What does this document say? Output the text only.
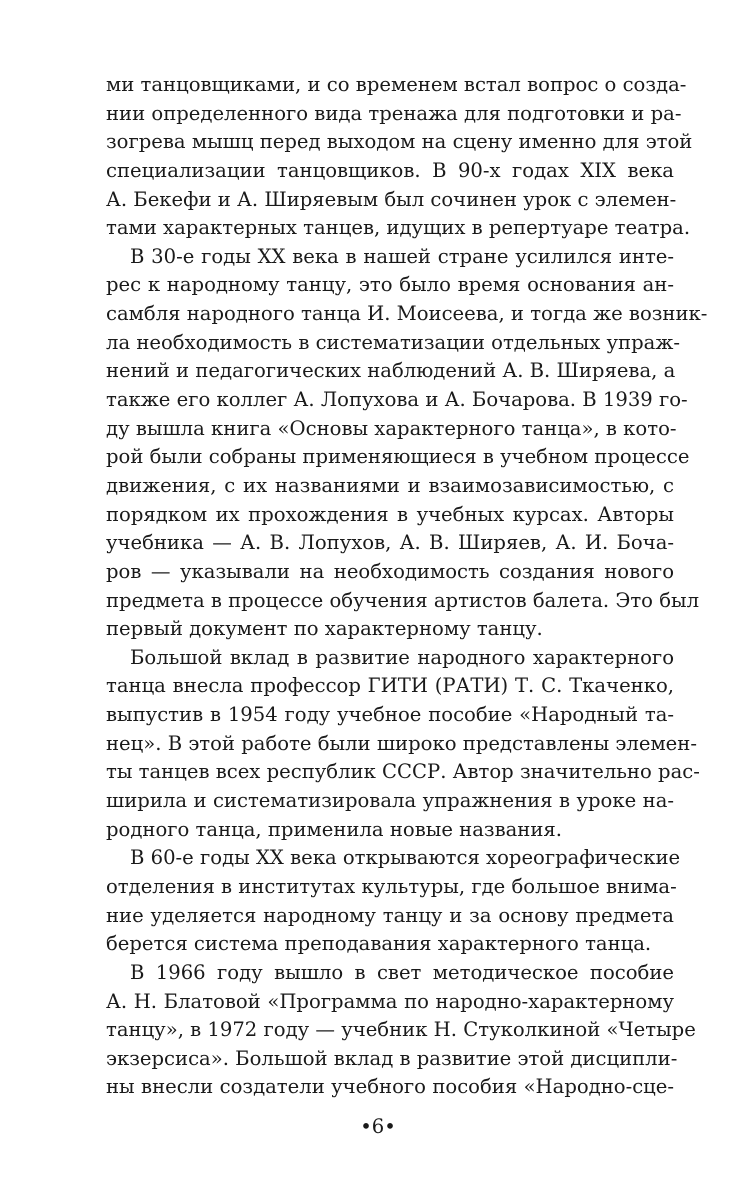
ми танцовщиками, и со временем встал вопрос о созда-
нии определенного вида тренажа для подготовки и ра-
зогрева мышц перед выходом на сцену именно для этой
специализации танцовщиков. В 90-х годах XIX века
А. Бекефи и А. Ширяевым был сочинен урок с элемен-
тами характерных танцев, идущих в репертуаре театра.
В 30-е годы XX века в нашей стране усилился инте-
рес к народному танцу, это было время основания ан-
самбля народного танца И. Моисеева, и тогда же возник-
ла необходимость в систематизации отдельных упраж-
нений и педагогических наблюдений А. В. Ширяева, а
также его коллег А. Лопухова и А. Бочарова. В 1939 го-
ду вышла книга «Основы характерного танца», в кото-
рой были собраны применяющиеся в учебном процессе
движения, с их названиями и взаимозависимостью, с
порядком их прохождения в учебных курсах. Авторы
учебника — А. В. Лопухов, А. В. Ширяев, А. И. Боча-
ров — указывали на необходимость создания нового
предмета в процессе обучения артистов балета. Это был
первый документ по характерному танцу.
Большой вклад в развитие народного характерного
танца внесла профессор ГИТИ (РАТИ) Т. С. Ткаченко,
выпустив в 1954 году учебное пособие «Народный та-
нец». В этой работе были широко представлены элемен-
ты танцев всех республик СССР. Автор значительно рас-
ширила и систематизировала упражнения в уроке на-
родного танца, применила новые названия.
В 60-е годы XX века открываются хореографические
отделения в институтах культуры, где большое внима-
ние уделяется народному танцу и за основу предмета
берется система преподавания характерного танца.
В 1966 году вышло в свет методическое пособие
А. Н. Блатовой «Программа по народно-характерному
танцу», в 1972 году — учебник Н. Стуколкиной «Четыре
экзерсиса». Большой вклад в развитие этой дисципли-
ны внесли создатели учебного пособия «Народно-сце-
•6•
